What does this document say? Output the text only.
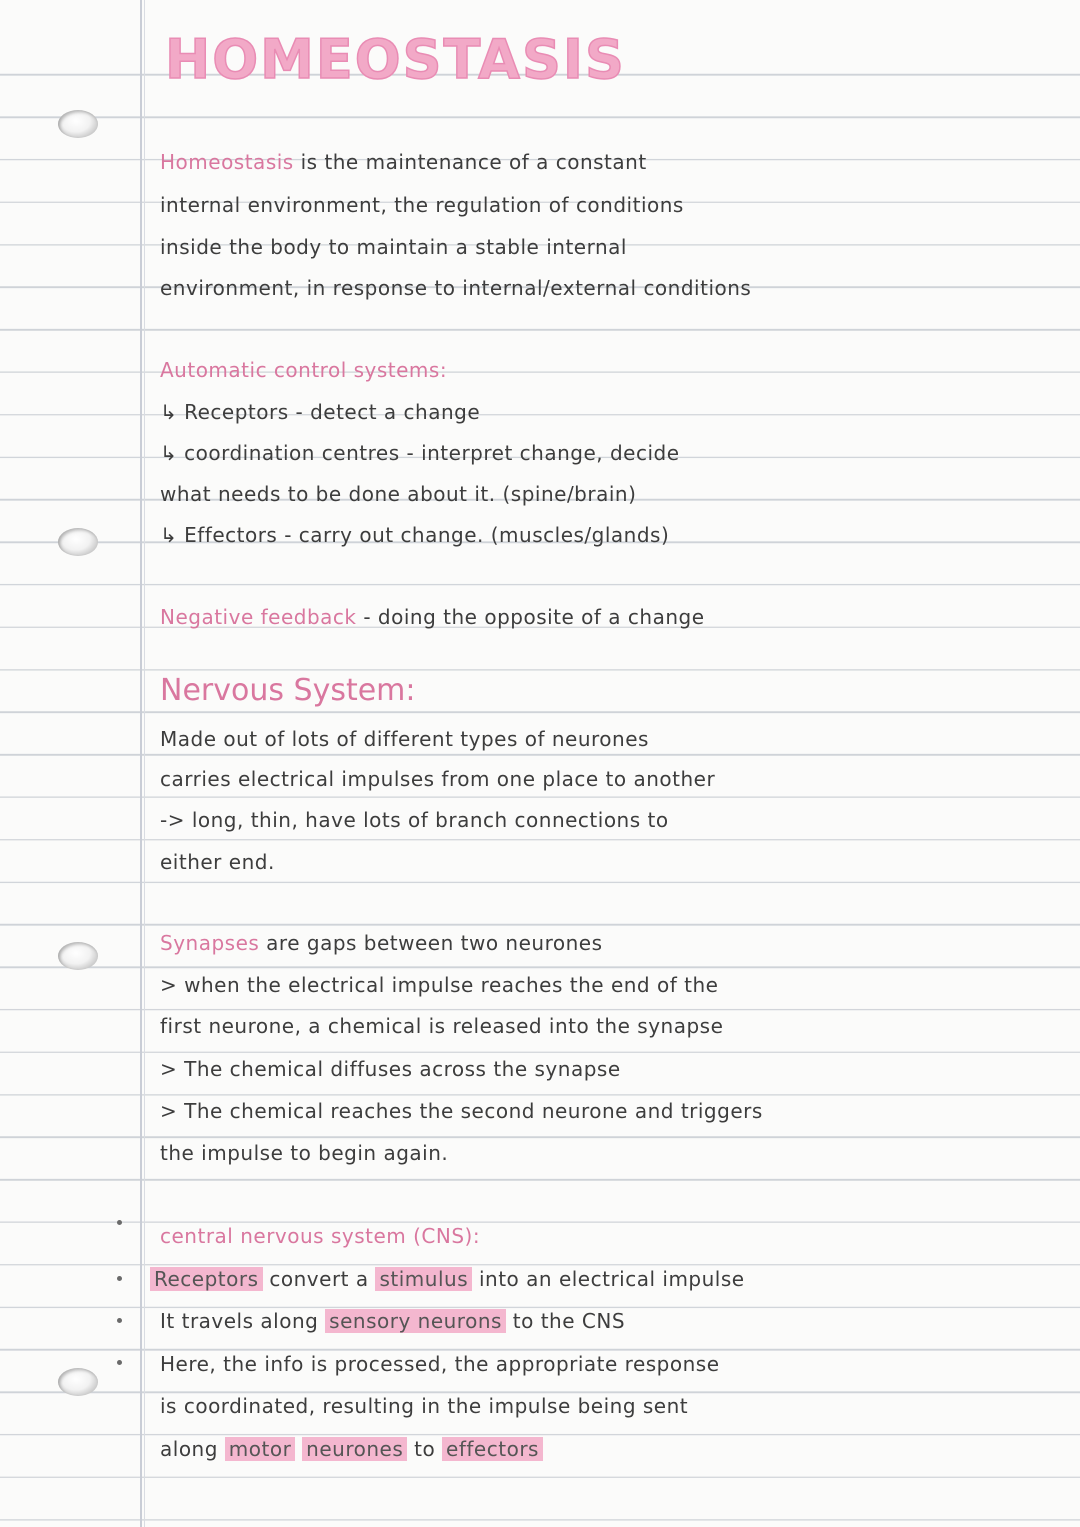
HOMEOSTASIS
Homeostasis is the maintenance of a constant
internal environment, the regulation of conditions
inside the body to maintain a stable internal
environment, in response to internal/external conditions
Automatic control systems:
↳ Receptors - detect a change
↳ coordination centres - interpret change, decide
what needs to be done about it. (spine/brain)
↳ Effectors - carry out change. (muscles/glands)
Negative feedback - doing the opposite of a change
Nervous System:
Made out of lots of different types of neurones
carries electrical impulses from one place to another
-> long, thin, have lots of branch connections to
either end.
Synapses are gaps between two neurones
> when the electrical impulse reaches the end of the
first neurone, a chemical is released into the synapse
> The chemical diffuses across the synapse
> The chemical reaches the second neurone and triggers
the impulse to begin again.
central nervous system (CNS):
Receptors convert a stimulus into an electrical impulse
It travels along sensory neurons to the CNS
Here, the info is processed, the appropriate response
is coordinated, resulting in the impulse being sent
along motor neurones to effectors
